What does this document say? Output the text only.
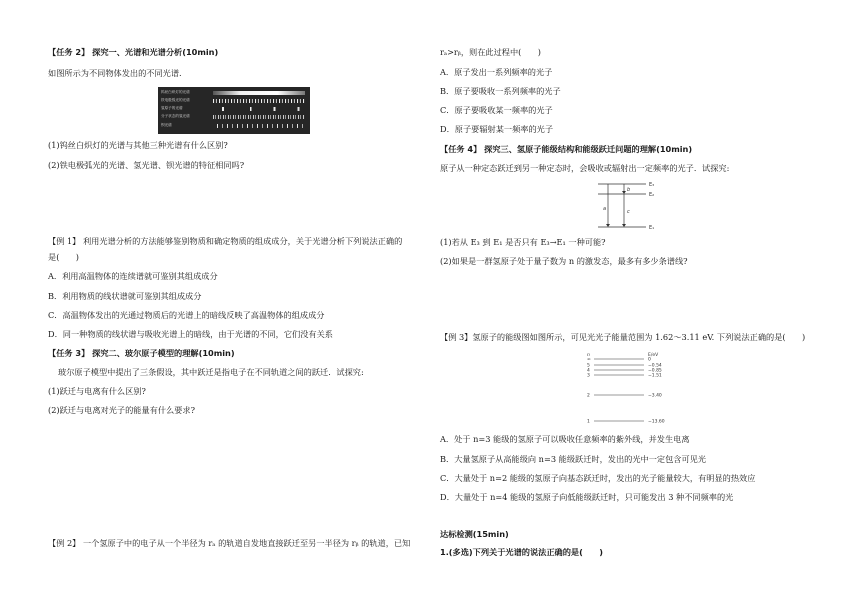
【任务 2】 探究一、光谱和光谱分析(10min)
如图所示为不同物体发出的不同光谱.
(1)钨丝白炽灯的光谱与其他三种光谱有什么区别?
(2)铁电极弧光的光谱、氢光谱、钡光谱的特征相同吗?
【例 1】 利用光谱分析的方法能够鉴别物质和确定物质的组成成分，关于光谱分析下列说法正确的
是(　　)
A．利用高温物体的连续谱就可鉴别其组成成分
B．利用物质的线状谱就可鉴别其组成成分
C．高温物体发出的光通过物质后的光谱上的暗线反映了高温物体的组成成分
D．同一种物质的线状谱与吸收光谱上的暗线，由于光谱的不同，它们没有关系
【任务 3】 探究二、玻尔原子模型的理解(10min)
玻尔原子模型中提出了三条假设，其中跃迁是指电子在不同轨道之间的跃迁．试探究:
(1)跃迁与电离有什么区别?
(2)跃迁与电离对光子的能量有什么要求?
【例 2】 一个氢原子中的电子从一个半径为 rₐ 的轨道自发地直接跃迁至另一半径为 rᵦ 的轨道，已知
钨丝白炽灯的光谱
铁电极弧光的光谱
氢原子的光谱
分子状态的氢光谱
钡光谱
rₐ>rᵦ，则在此过程中(　　)
A．原子发出一系列频率的光子
B．原子要吸收一系列频率的光子
C．原子要吸收某一频率的光子
D．原子要辐射某一频率的光子
【任务 4】 探究三、氢原子能级结构和能级跃迁问题的理解(10min)
原子从一种定态跃迁到另一种定态时，会吸收或辐射出一定频率的光子．试探究:
(1)若从 E₃ 到 E₁ 是否只有 E₃→E₁ 一种可能?
(2)如果是一群氢原子处于量子数为 n 的激发态，最多有多少条谱线?
【例 3】氢原子的能级图如图所示，可见光光子能量范围为 1.62～3.11 eV. 下列说法正确的是(　　)
A．处于 n=3 能级的氢原子可以吸收任意频率的紫外线，并发生电离
B．大量氢原子从高能级向 n=3 能级跃迁时，发出的光中一定包含可见光
C．大量处于 n=2 能级的氢原子向基态跃迁时，发出的光子能量较大，有明显的热效应
D．大量处于 n=4 能级的氢原子向低能级跃迁时，只可能发出 3 种不同频率的光
达标检测(15min)
1.(多选)下列关于光谱的说法正确的是(　　)
E₃
E₂
E₁
a
b
c
n	E/eV
∞	0
5	−0.54
4	−0.85
3	−1.51
2	−3.40
1	−13.60
